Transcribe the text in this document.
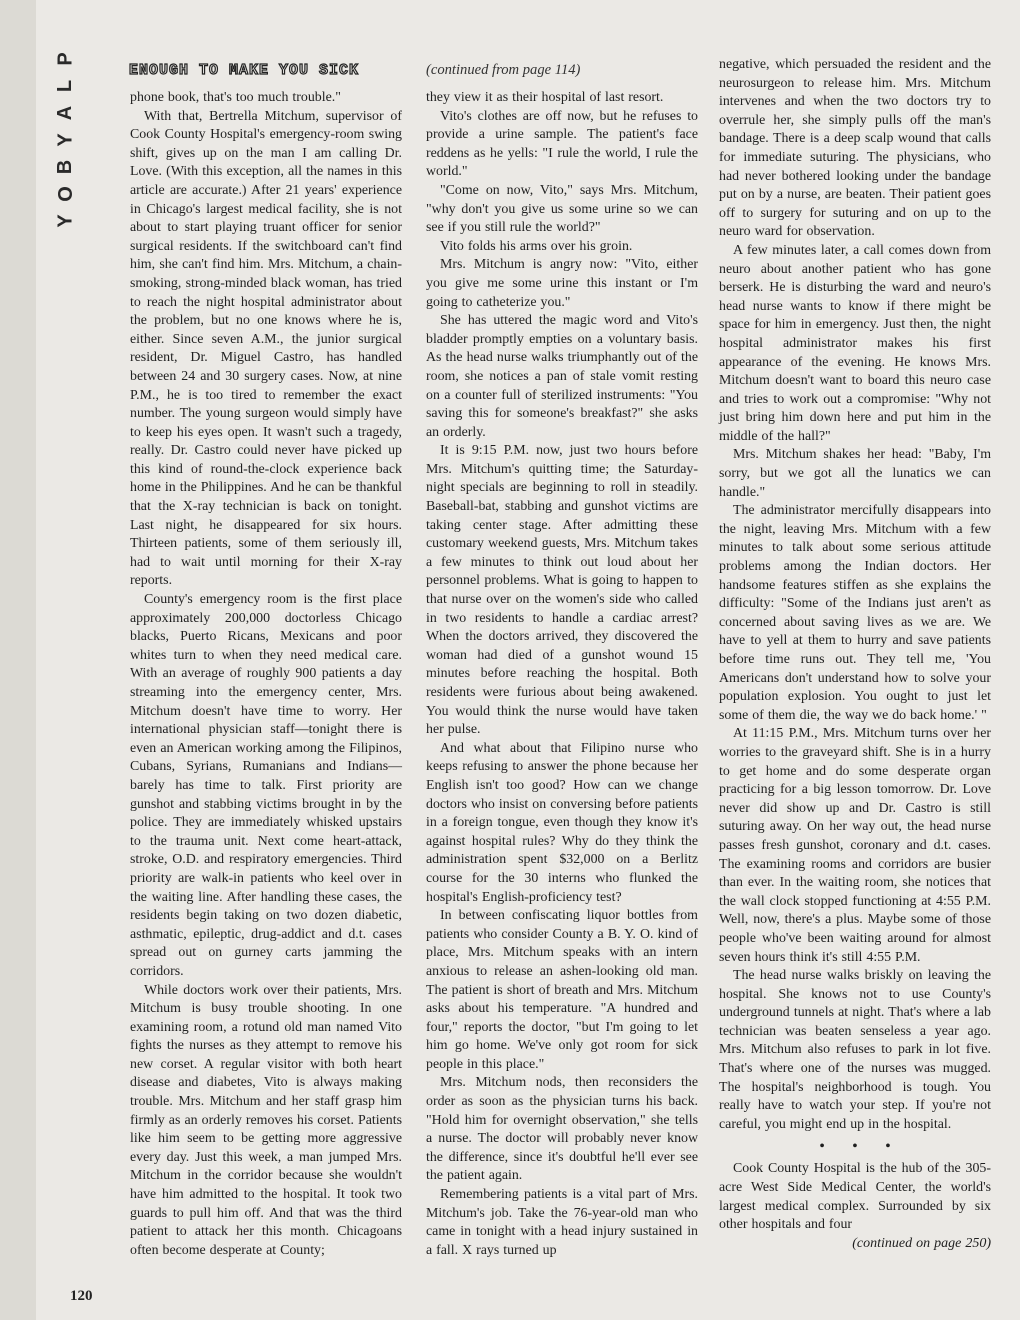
P
L
A
Y
B
O
Y
ENOUGH TO MAKE YOU SICK	(continued from page 114)

phone book, that's too much trouble."

With that, Bertrella Mitchum, supervisor of Cook County Hospital's emergency-room swing shift, gives up on the man I am calling Dr. Love. (With this exception, all the names in this article are accurate.) After 21 years' experience in Chicago's largest medical facility, she is not about to start playing truant officer for senior surgical residents. If the switchboard can't find him, she can't find him. Mrs. Mitchum, a chain-smoking, strong-minded black woman, has tried to reach the night hospital administrator about the problem, but no one knows where he is, either. Since seven A.M., the junior surgical resident, Dr. Miguel Castro, has handled between 24 and 30 surgery cases. Now, at nine P.M., he is too tired to remember the exact number. The young surgeon would simply have to keep his eyes open. It wasn't such a tragedy, really. Dr. Castro could never have picked up this kind of round-the-clock experience back home in the Philippines. And he can be thankful that the X-ray technician is back on tonight. Last night, he disappeared for six hours. Thirteen patients, some of them seriously ill, had to wait until morning for their X-ray reports.

County's emergency room is the first place approximately 200,000 doctorless Chicago blacks, Puerto Ricans, Mexicans and poor whites turn to when they need medical care. With an average of roughly 900 patients a day streaming into the emergency center, Mrs. Mitchum doesn't have time to worry. Her international physician staff—tonight there is even an American working among the Filipinos, Cubans, Syrians, Rumanians and Indians—barely has time to talk. First priority are gunshot and stabbing victims brought in by the police. They are immediately whisked upstairs to the trauma unit. Next come heart-attack, stroke, O.D. and respiratory emergencies. Third priority are walk-in patients who keel over in the waiting line. After handling these cases, the residents begin taking on two dozen diabetic, asthmatic, epileptic, drug-addict and d.t. cases spread out on gurney carts jamming the corridors.

While doctors work over their patients, Mrs. Mitchum is busy trouble shooting. In one examining room, a rotund old man named Vito fights the nurses as they attempt to remove his new corset. A regular visitor with both heart disease and diabetes, Vito is always making trouble. Mrs. Mitchum and her staff grasp him firmly as an orderly removes his corset. Patients like him seem to be getting more aggressive every day. Just this week, a man jumped Mrs. Mitchum in the corridor because she wouldn't have him admitted to the hospital. It took two guards to pull him off. And that was the third patient to attack her this month. Chicagoans often become desperate at County;

they view it as their hospital of last resort.

Vito's clothes are off now, but he refuses to provide a urine sample. The patient's face reddens as he yells: "I rule the world, I rule the world."

"Come on now, Vito," says Mrs. Mitchum, "why don't you give us some urine so we can see if you still rule the world?"

Vito folds his arms over his groin.

Mrs. Mitchum is angry now: "Vito, either you give me some urine this instant or I'm going to catheterize you."

She has uttered the magic word and Vito's bladder promptly empties on a voluntary basis. As the head nurse walks triumphantly out of the room, she notices a pan of stale vomit resting on a counter full of sterilized instruments: "You saving this for someone's breakfast?" she asks an orderly.

It is 9:15 P.M. now, just two hours before Mrs. Mitchum's quitting time; the Saturday-night specials are beginning to roll in steadily. Baseball-bat, stabbing and gunshot victims are taking center stage. After admitting these customary weekend guests, Mrs. Mitchum takes a few minutes to think out loud about her personnel problems. What is going to happen to that nurse over on the women's side who called in two residents to handle a cardiac arrest? When the doctors arrived, they discovered the woman had died of a gunshot wound 15 minutes before reaching the hospital. Both residents were furious about being awakened. You would think the nurse would have taken her pulse.

And what about that Filipino nurse who keeps refusing to answer the phone because her English isn't too good? How can we change doctors who insist on conversing before patients in a foreign tongue, even though they know it's against hospital rules? Why do they think the administration spent $32,000 on a Berlitz course for the 30 interns who flunked the hospital's English-proficiency test?

In between confiscating liquor bottles from patients who consider County a B. Y. O. kind of place, Mrs. Mitchum speaks with an intern anxious to release an ashen-looking old man. The patient is short of breath and Mrs. Mitchum asks about his temperature. "A hundred and four," reports the doctor, "but I'm going to let him go home. We've only got room for sick people in this place."

Mrs. Mitchum nods, then reconsiders the order as soon as the physician turns his back. "Hold him for overnight observation," she tells a nurse. The doctor will probably never know the difference, since it's doubtful he'll ever see the patient again.

Remembering patients is a vital part of Mrs. Mitchum's job. Take the 76-year-old man who came in tonight with a head injury sustained in a fall. X rays turned up

negative, which persuaded the resident and the neurosurgeon to release him. Mrs. Mitchum intervenes and when the two doctors try to overrule her, she simply pulls off the man's bandage. There is a deep scalp wound that calls for immediate suturing. The physicians, who had never bothered looking under the bandage put on by a nurse, are beaten. Their patient goes off to surgery for suturing and on up to the neuro ward for observation.

A few minutes later, a call comes down from neuro about another patient who has gone berserk. He is disturbing the ward and neuro's head nurse wants to know if there might be space for him in emergency. Just then, the night hospital administrator makes his first appearance of the evening. He knows Mrs. Mitchum doesn't want to board this neuro case and tries to work out a compromise: "Why not just bring him down here and put him in the middle of the hall?"

Mrs. Mitchum shakes her head: "Baby, I'm sorry, but we got all the lunatics we can handle."

The administrator mercifully disappears into the night, leaving Mrs. Mitchum with a few minutes to talk about some serious attitude problems among the Indian doctors. Her handsome features stiffen as she explains the difficulty: "Some of the Indians just aren't as concerned about saving lives as we are. We have to yell at them to hurry and save patients before time runs out. They tell me, 'You Americans don't understand how to solve your population explosion. You ought to just let some of them die, the way we do back home.' "

At 11:15 P.M., Mrs. Mitchum turns over her worries to the graveyard shift. She is in a hurry to get home and do some desperate organ practicing for a big lesson tomorrow. Dr. Love never did show up and Dr. Castro is still suturing away. On her way out, the head nurse passes fresh gunshot, coronary and d.t. cases. The examining rooms and corridors are busier than ever. In the waiting room, she notices that the wall clock stopped functioning at 4:55 P.M. Well, now, there's a plus. Maybe some of those people who've been waiting around for almost seven hours think it's still 4:55 P.M.

The head nurse walks briskly on leaving the hospital. She knows not to use County's underground tunnels at night. That's where a lab technician was beaten senseless a year ago. Mrs. Mitchum also refuses to park in lot five. That's where one of the nurses was mugged. The hospital's neighborhood is tough. You really have to watch your step. If you're not careful, you might end up in the hospital.

• • •

Cook County Hospital is the hub of the 305-acre West Side Medical Center, the world's largest medical complex. Surrounded by six other hospitals and four

(continued on page 250)
120
